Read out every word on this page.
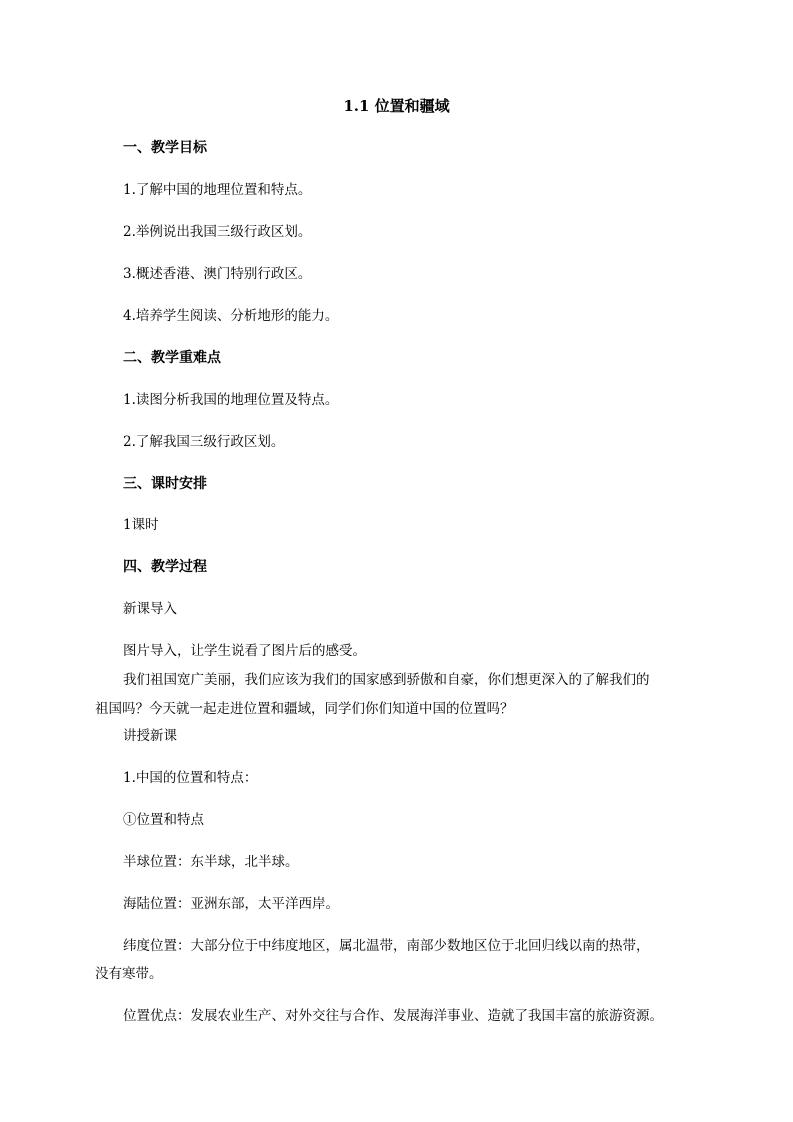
1.1 位置和疆域
一、教学目标
1.了解中国的地理位置和特点。
2.举例说出我国三级行政区划。
3.概述香港、澳门特别行政区。
4.培养学生阅读、分析地形的能力。
二、教学重难点
1.读图分析我国的地理位置及特点。
2.了解我国三级行政区划。
三、课时安排
1课时
四、教学过程
新课导入
图片导入，让学生说看了图片后的感受。
我们祖国宽广美丽，我们应该为我们的国家感到骄傲和自豪，你们想更深入的了解我们的
祖国吗？今天就一起走进位置和疆域，同学们你们知道中国的位置吗？
讲授新课
1.中国的位置和特点：
①位置和特点
半球位置：东半球，北半球。
海陆位置：亚洲东部，太平洋西岸。
纬度位置：大部分位于中纬度地区，属北温带，南部少数地区位于北回归线以南的热带，
没有寒带。
位置优点：发展农业生产、对外交往与合作、发展海洋事业、造就了我国丰富的旅游资源。
